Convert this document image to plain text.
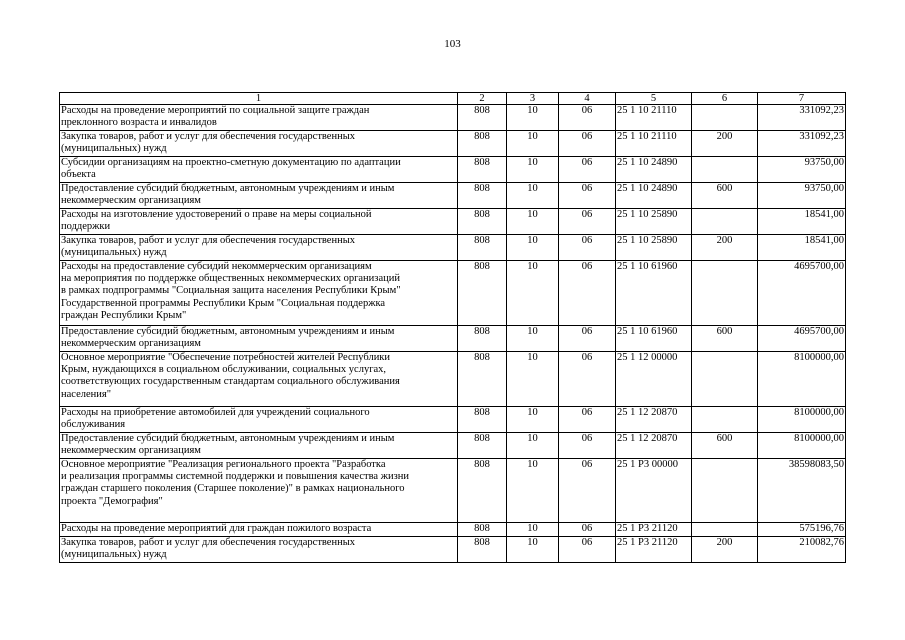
103
1	2	3	4	5	6	7
Расходы на проведение мероприятий по социальной защите граждан
преклонного возраста и инвалидов	808	10	06	25 1 10 21110		331092,23
Закупка товаров, работ и услуг для обеспечения государственных
(муниципальных) нужд	808	10	06	25 1 10 21110	200	331092,23
Субсидии организациям на проектно-сметную документацию по адаптации
объекта	808	10	06	25 1 10 24890		93750,00
Предоставление субсидий бюджетным, автономным учреждениям и иным
некоммерческим организациям	808	10	06	25 1 10 24890	600	93750,00
Расходы на изготовление удостоверений о праве на меры социальной
поддержки	808	10	06	25 1 10 25890		18541,00
Закупка товаров, работ и услуг для обеспечения государственных
(муниципальных) нужд	808	10	06	25 1 10 25890	200	18541,00
Расходы на предоставление субсидий некоммерческим организациям
на мероприятия по поддержке общественных некоммерческих организаций
в рамках подпрограммы "Социальная защита населения Республики Крым"
Государственной программы Республики Крым "Социальная поддержка
граждан Республики Крым"	808	10	06	25 1 10 61960		4695700,00
Предоставление субсидий бюджетным, автономным учреждениям и иным
некоммерческим организациям	808	10	06	25 1 10 61960	600	4695700,00
Основное мероприятие "Обеспечение потребностей жителей Республики
Крым, нуждающихся в социальном обслуживании, социальных услугах,
соответствующих государственным стандартам социального обслуживания
населения"	808	10	06	25 1 12 00000		8100000,00
Расходы на приобретение автомобилей для учреждений социального
обслуживания	808	10	06	25 1 12 20870		8100000,00
Предоставление субсидий бюджетным, автономным учреждениям и иным
некоммерческим организациям	808	10	06	25 1 12 20870	600	8100000,00
Основное мероприятие "Реализация регионального проекта "Разработка
и реализация программы системной поддержки и повышения качества жизни
граждан старшего поколения (Старшее поколение)" в рамках национального
проекта "Демография"	808	10	06	25 1 P3 00000		38598083,50
Расходы на проведение мероприятий для граждан пожилого возраста	808	10	06	25 1 P3 21120		575196,76
Закупка товаров, работ и услуг для обеспечения государственных
(муниципальных) нужд	808	10	06	25 1 P3 21120	200	210082,76
